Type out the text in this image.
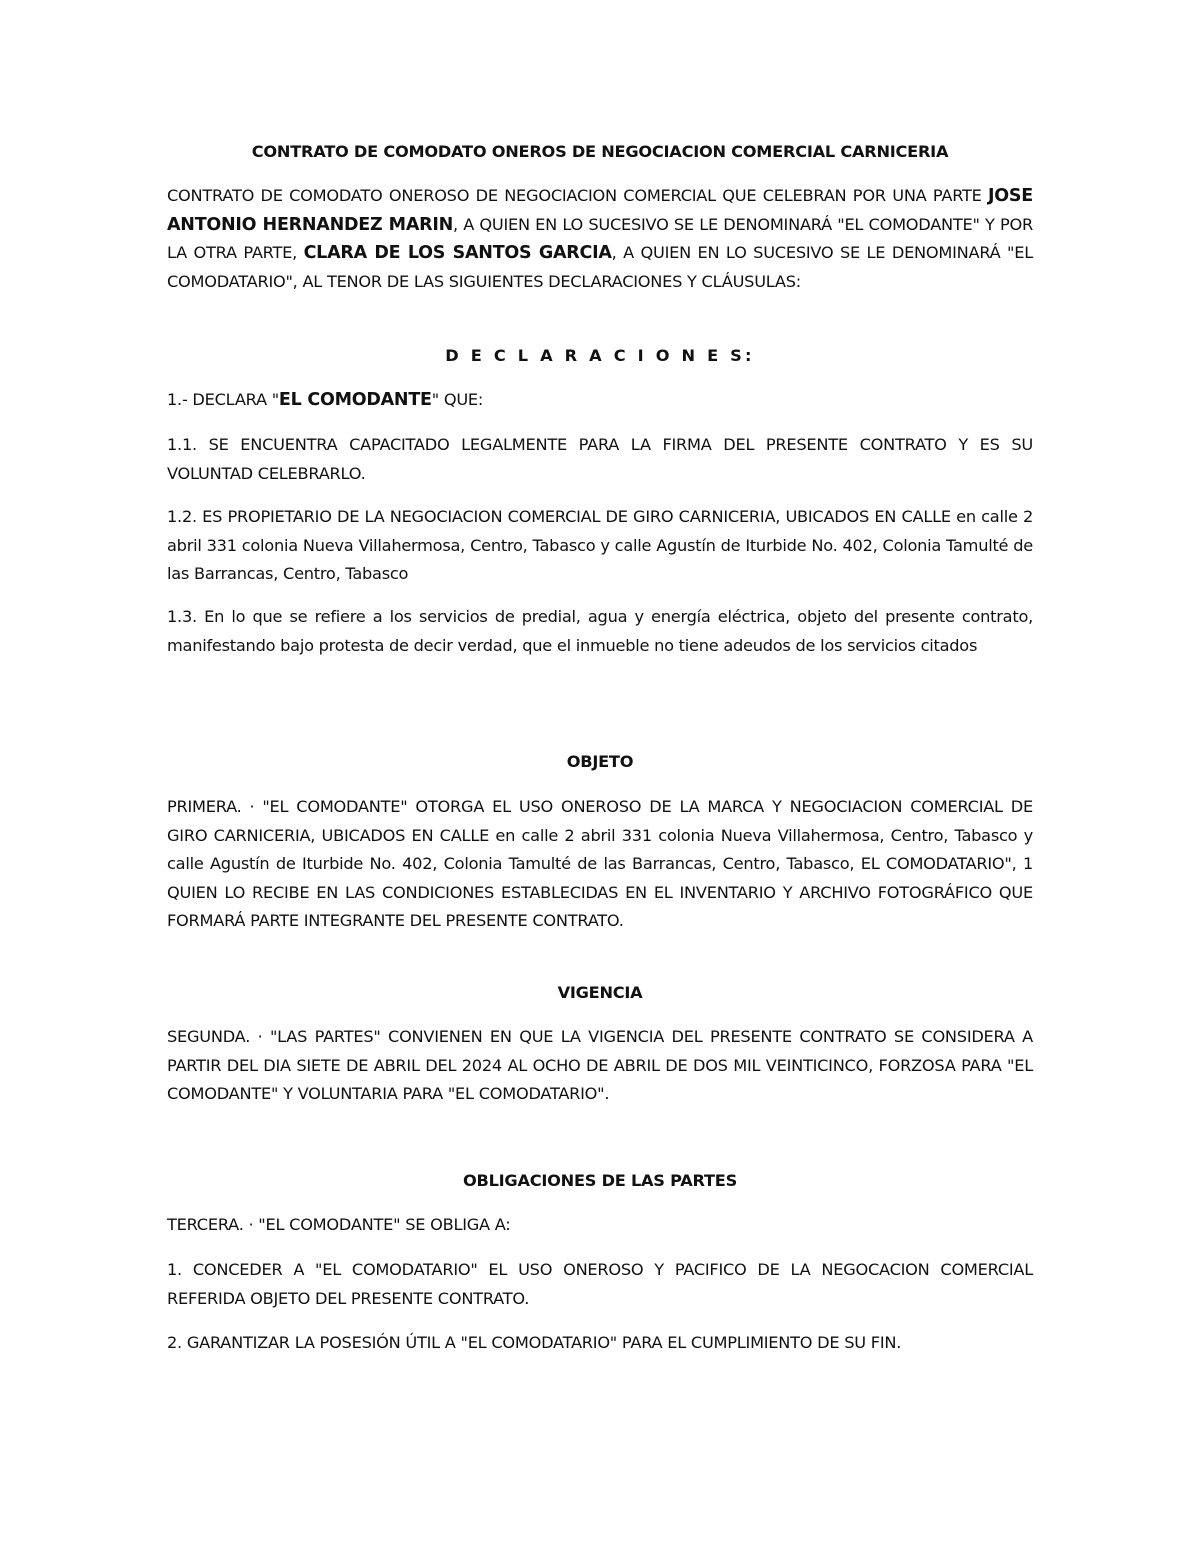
CONTRATO DE COMODATO ONEROS DE NEGOCIACION COMERCIAL CARNICERIA

CONTRATO DE COMODATO ONEROSO DE NEGOCIACION COMERCIAL QUE CELEBRAN POR UNA PARTE JOSE ANTONIO HERNANDEZ MARIN, A QUIEN EN LO SUCESIVO SE LE DENOMINARÁ "EL COMODANTE" Y POR LA OTRA PARTE, CLARA DE LOS SANTOS GARCIA, A QUIEN EN LO SUCESIVO SE LE DENOMINARÁ "EL COMODATARIO", AL TENOR DE LAS SIGUIENTES DECLARACIONES Y CLÁUSULAS:

D E C L A R A C I O N E S:

1.- DECLARA "EL COMODANTE" QUE:

1.1. SE ENCUENTRA CAPACITADO LEGALMENTE PARA LA FIRMA DEL PRESENTE CONTRATO Y ES SU VOLUNTAD CELEBRARLO.

1.2. ES PROPIETARIO DE LA NEGOCIACION COMERCIAL DE GIRO CARNICERIA, UBICADOS EN CALLE en calle 2 abril 331 colonia Nueva Villahermosa, Centro, Tabasco y calle Agustín de Iturbide No. 402, Colonia Tamulté de las Barrancas, Centro, Tabasco

1.3. En lo que se refiere a los servicios de predial, agua y energía eléctrica, objeto del presente contrato, manifestando bajo protesta de decir verdad, que el inmueble no tiene adeudos de los servicios citados

OBJETO

PRIMERA. · "EL COMODANTE" OTORGA EL USO ONEROSO DE LA MARCA Y NEGOCIACION COMERCIAL DE GIRO CARNICERIA, UBICADOS EN CALLE en calle 2 abril 331 colonia Nueva Villahermosa, Centro, Tabasco y calle Agustín de Iturbide No. 402, Colonia Tamulté de las Barrancas, Centro, Tabasco, EL COMODATARIO", 1 QUIEN LO RECIBE EN LAS CONDICIONES ESTABLECIDAS EN EL INVENTARIO Y ARCHIVO FOTOGRÁFICO QUE FORMARÁ PARTE INTEGRANTE DEL PRESENTE CONTRATO.

VIGENCIA

SEGUNDA. · "LAS PARTES" CONVIENEN EN QUE LA VIGENCIA DEL PRESENTE CONTRATO SE CONSIDERA A PARTIR DEL DIA SIETE DE ABRIL DEL 2024 AL OCHO DE ABRIL DE DOS MIL VEINTICINCO, FORZOSA PARA "EL COMODANTE" Y VOLUNTARIA PARA "EL COMODATARIO".

OBLIGACIONES DE LAS PARTES

TERCERA. · "EL COMODANTE" SE OBLIGA A:

1. CONCEDER A "EL COMODATARIO" EL USO ONEROSO Y PACIFICO DE LA NEGOCACION COMERCIAL REFERIDA OBJETO DEL PRESENTE CONTRATO.

2. GARANTIZAR LA POSESIÓN ÚTIL A "EL COMODATARIO" PARA EL CUMPLIMIENTO DE SU FIN.
